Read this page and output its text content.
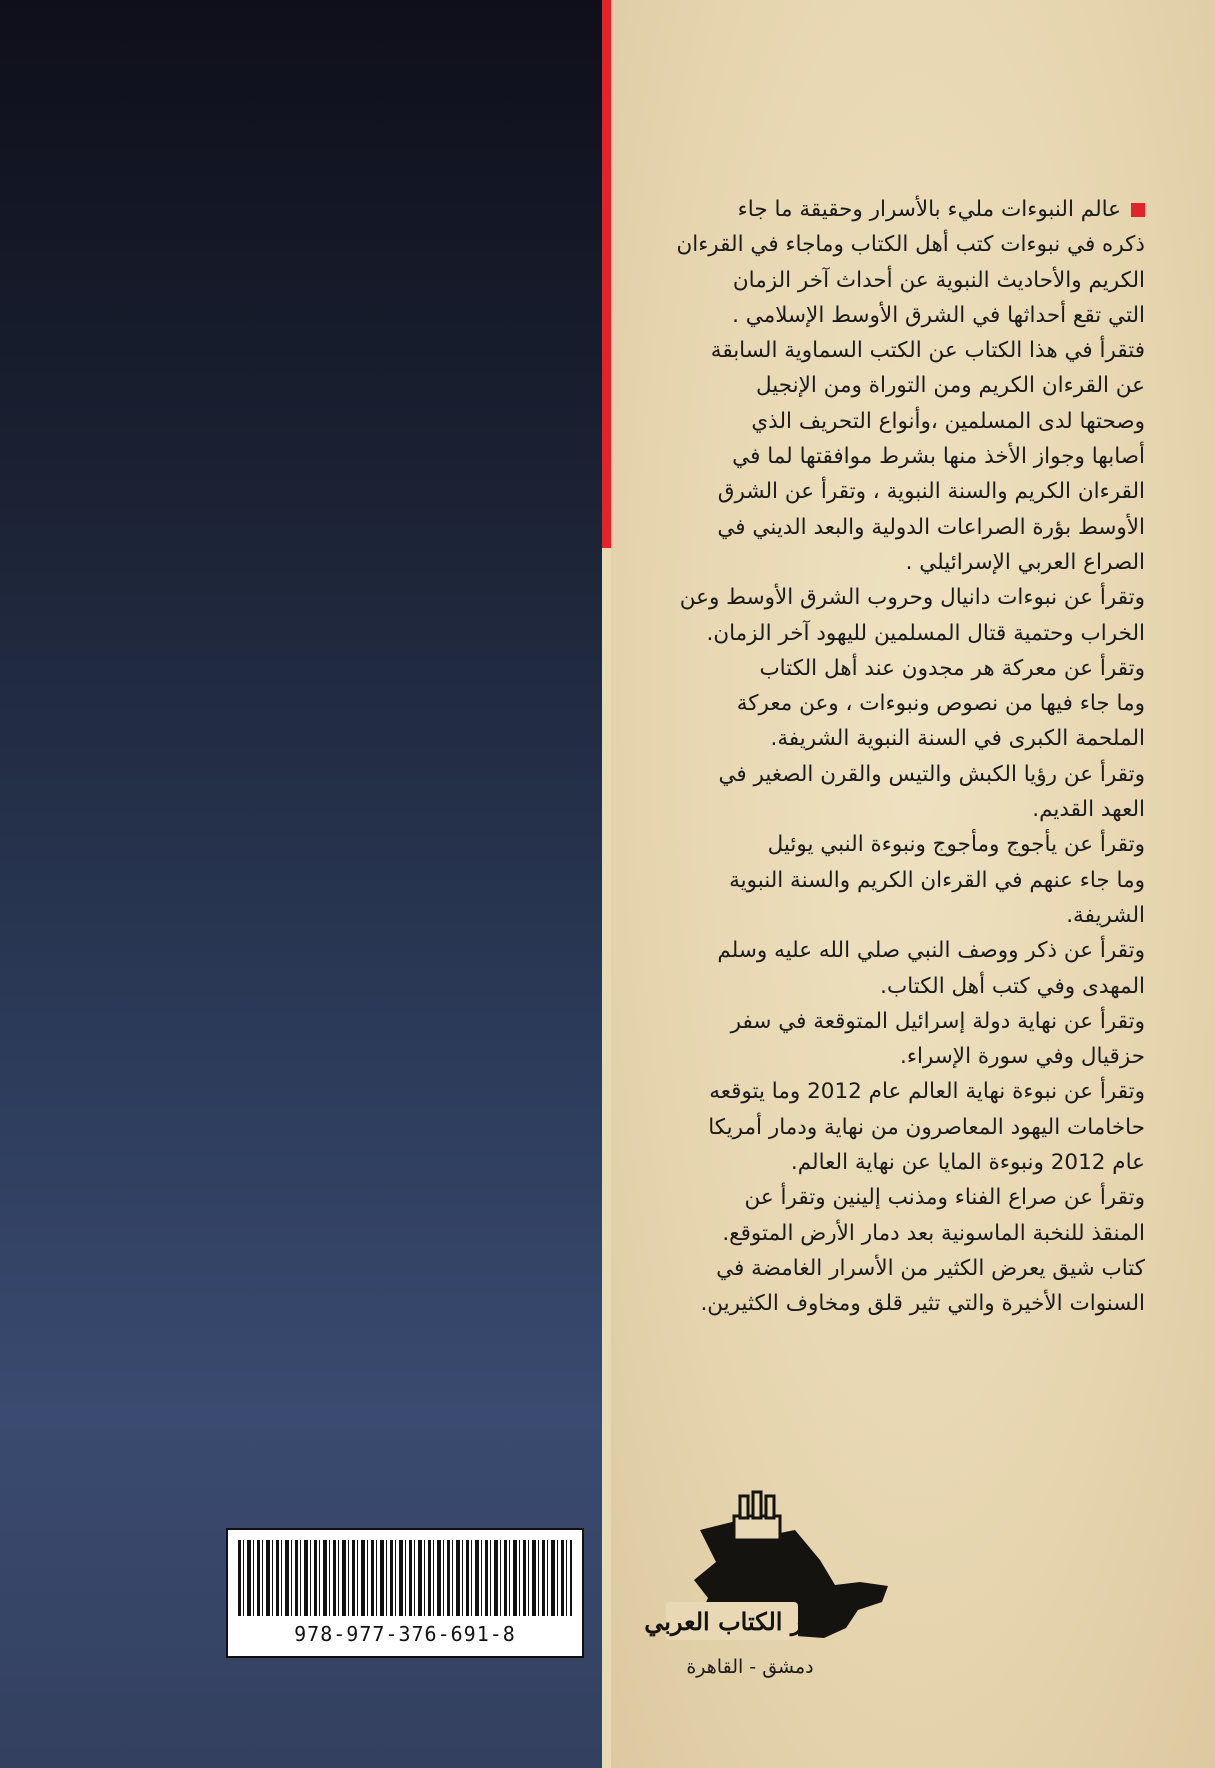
عالم النبوءات مليء بالأسرار وحقيقة ما جاء
ذكره في نبوءات كتب أهل الكتاب وماجاء في القرءان
الكريم والأحاديث النبوية عن أحداث آخر الزمان
التي تقع أحداثها في الشرق الأوسط الإسلامي .
فتقرأ في هذا الكتاب عن الكتب السماوية السابقة
عن القرءان الكريم ومن التوراة ومن الإنجيل
وصحتها لدى المسلمين ،وأنواع التحريف الذي
أصابها وجواز الأخذ منها بشرط موافقتها لما في
القرءان الكريم والسنة النبوية ، وتقرأ عن الشرق
الأوسط بؤرة الصراعات الدولية والبعد الديني في
الصراع العربي الإسرائيلي .
وتقرأ عن نبوءات دانيال وحروب الشرق الأوسط وعن
الخراب وحتمية قتال المسلمين لليهود آخر الزمان.
وتقرأ عن معركة هر مجدون عند أهل الكتاب
وما جاء فيها من نصوص ونبوءات ، وعن معركة
الملحمة الكبرى في السنة النبوية الشريفة.
وتقرأ عن رؤيا الكبش والتيس والقرن الصغير في
العهد القديم.
وتقرأ عن يأجوج ومأجوج ونبوءة النبي يوئيل
وما جاء عنهم في القرءان الكريم والسنة النبوية
الشريفة.
وتقرأ عن ذكر ووصف النبي صلي الله عليه وسلم
المهدى وفي كتب أهل الكتاب.
وتقرأ عن نهاية دولة إسرائيل المتوقعة في سفر
حزقيال وفي سورة الإسراء.
وتقرأ عن نبوءة نهاية العالم عام 2012 وما يتوقعه
حاخامات اليهود المعاصرون من نهاية ودمار أمريكا
عام 2012 ونبوءة المايا عن نهاية العالم.
وتقرأ عن صراع الفناء ومذنب إلينين وتقرأ عن
المنقذ للنخبة الماسونية بعد دمار الأرض المتوقع.
كتاب شيق يعرض الكثير من الأسرار الغامضة في
السنوات الأخيرة والتي تثير قلق ومخاوف الكثيرين.
978-977-376-691-8	دار الكتاب العربي
دمشق - القاهرة
